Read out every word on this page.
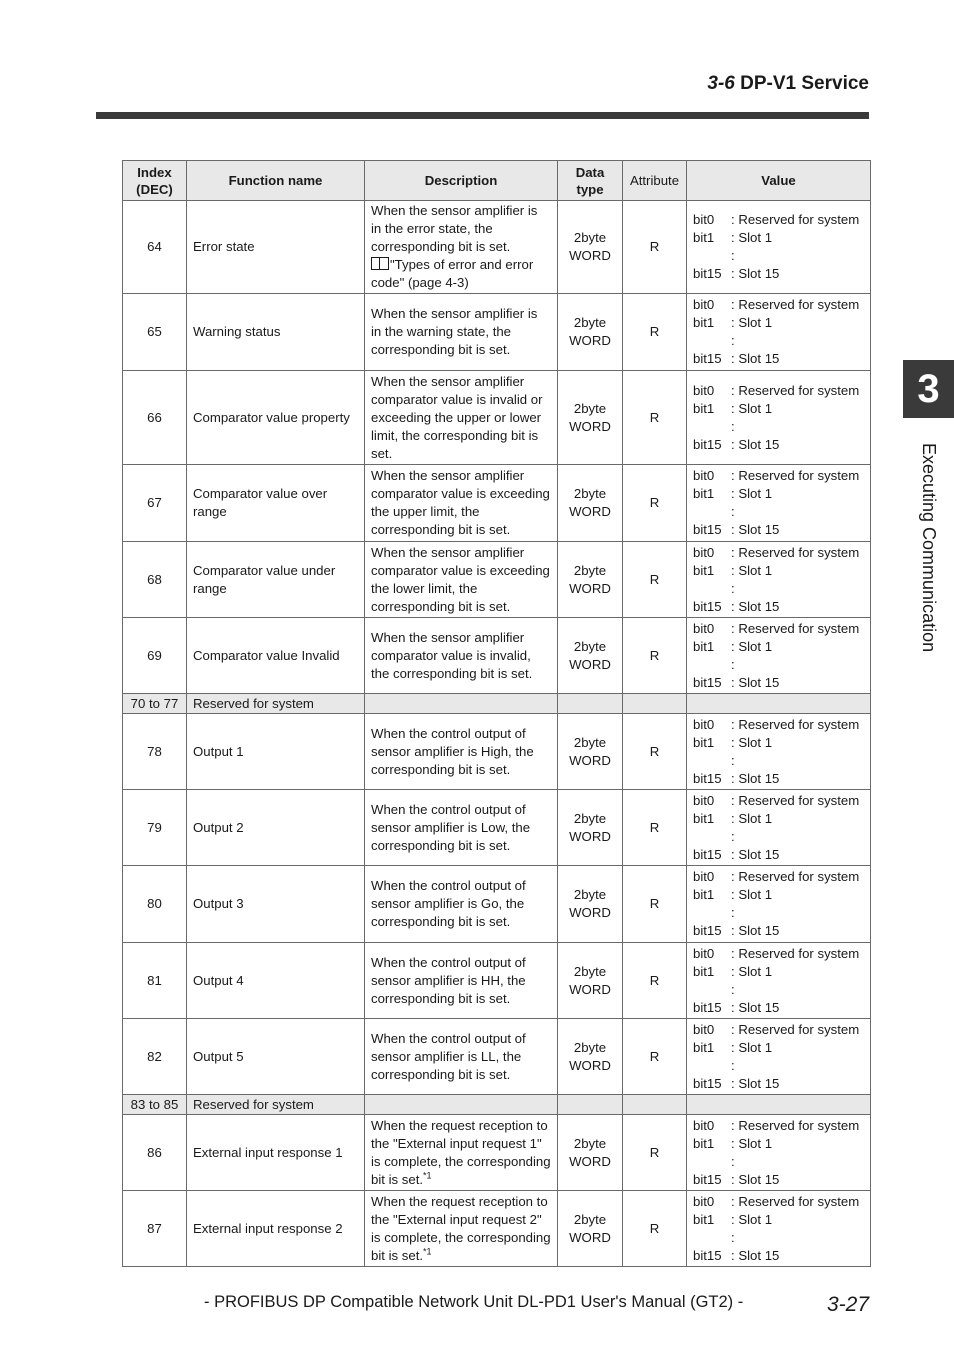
3-6 DP-V1 Service
3
Executing Communication
Index
(DEC)	Function name	Description	Data
type	Attribute	Value
64	Error state	When the sensor amplifier is in the error state, the corresponding bit is set.
"Types of error and error code" (page 4-3)	2byte
WORD	R	bit0 : Reserved for system
bit1 : Slot 1
:
bit15 : Slot 15

65	Warning status	When the sensor amplifier is in the warning state, the corresponding bit is set.	2byte
WORD	R	bit0 : Reserved for system
bit1 : Slot 1
:
bit15 : Slot 15

66	Comparator value property	When the sensor amplifier comparator value is invalid or exceeding the upper or lower limit, the corresponding bit is set.	2byte
WORD	R	bit0 : Reserved for system
bit1 : Slot 1
:
bit15 : Slot 15

67	Comparator value over range	When the sensor amplifier comparator value is exceeding the upper limit, the corresponding bit is set.	2byte
WORD	R	bit0 : Reserved for system
bit1 : Slot 1
:
bit15 : Slot 15

68	Comparator value under range	When the sensor amplifier comparator value is exceeding the lower limit, the corresponding bit is set.	2byte
WORD	R	bit0 : Reserved for system
bit1 : Slot 1
:
bit15 : Slot 15

69	Comparator value Invalid	When the sensor amplifier comparator value is invalid, the corresponding bit is set.	2byte
WORD	R	bit0 : Reserved for system
bit1 : Slot 1
:
bit15 : Slot 15

70 to 77	Reserved for system				
78	Output 1	When the control output of sensor amplifier is High, the corresponding bit is set.	2byte
WORD	R	bit0 : Reserved for system
bit1 : Slot 1
:
bit15 : Slot 15

79	Output 2	When the control output of sensor amplifier is Low, the corresponding bit is set.	2byte
WORD	R	bit0 : Reserved for system
bit1 : Slot 1
:
bit15 : Slot 15

80	Output 3	When the control output of sensor amplifier is Go, the corresponding bit is set.	2byte
WORD	R	bit0 : Reserved for system
bit1 : Slot 1
:
bit15 : Slot 15

81	Output 4	When the control output of sensor amplifier is HH, the corresponding bit is set.	2byte
WORD	R	bit0 : Reserved for system
bit1 : Slot 1
:
bit15 : Slot 15

82	Output 5	When the control output of sensor amplifier is LL, the corresponding bit is set.	2byte
WORD	R	bit0 : Reserved for system
bit1 : Slot 1
:
bit15 : Slot 15

83 to 85	Reserved for system				
86	External input response 1	When the request reception to the "External input request 1" is complete, the corresponding bit is set.$^{*1}$	2byte
WORD	R	bit0 : Reserved for system
bit1 : Slot 1
:
bit15 : Slot 15

87	External input response 2	When the request reception to the "External input request 2" is complete, the corresponding bit is set.$^{*1}$	2byte
WORD	R	bit0 : Reserved for system
bit1 : Slot 1
:
bit15 : Slot 15
- PROFIBUS DP Compatible Network Unit DL-PD1 User's Manual (GT2) -	3-27
